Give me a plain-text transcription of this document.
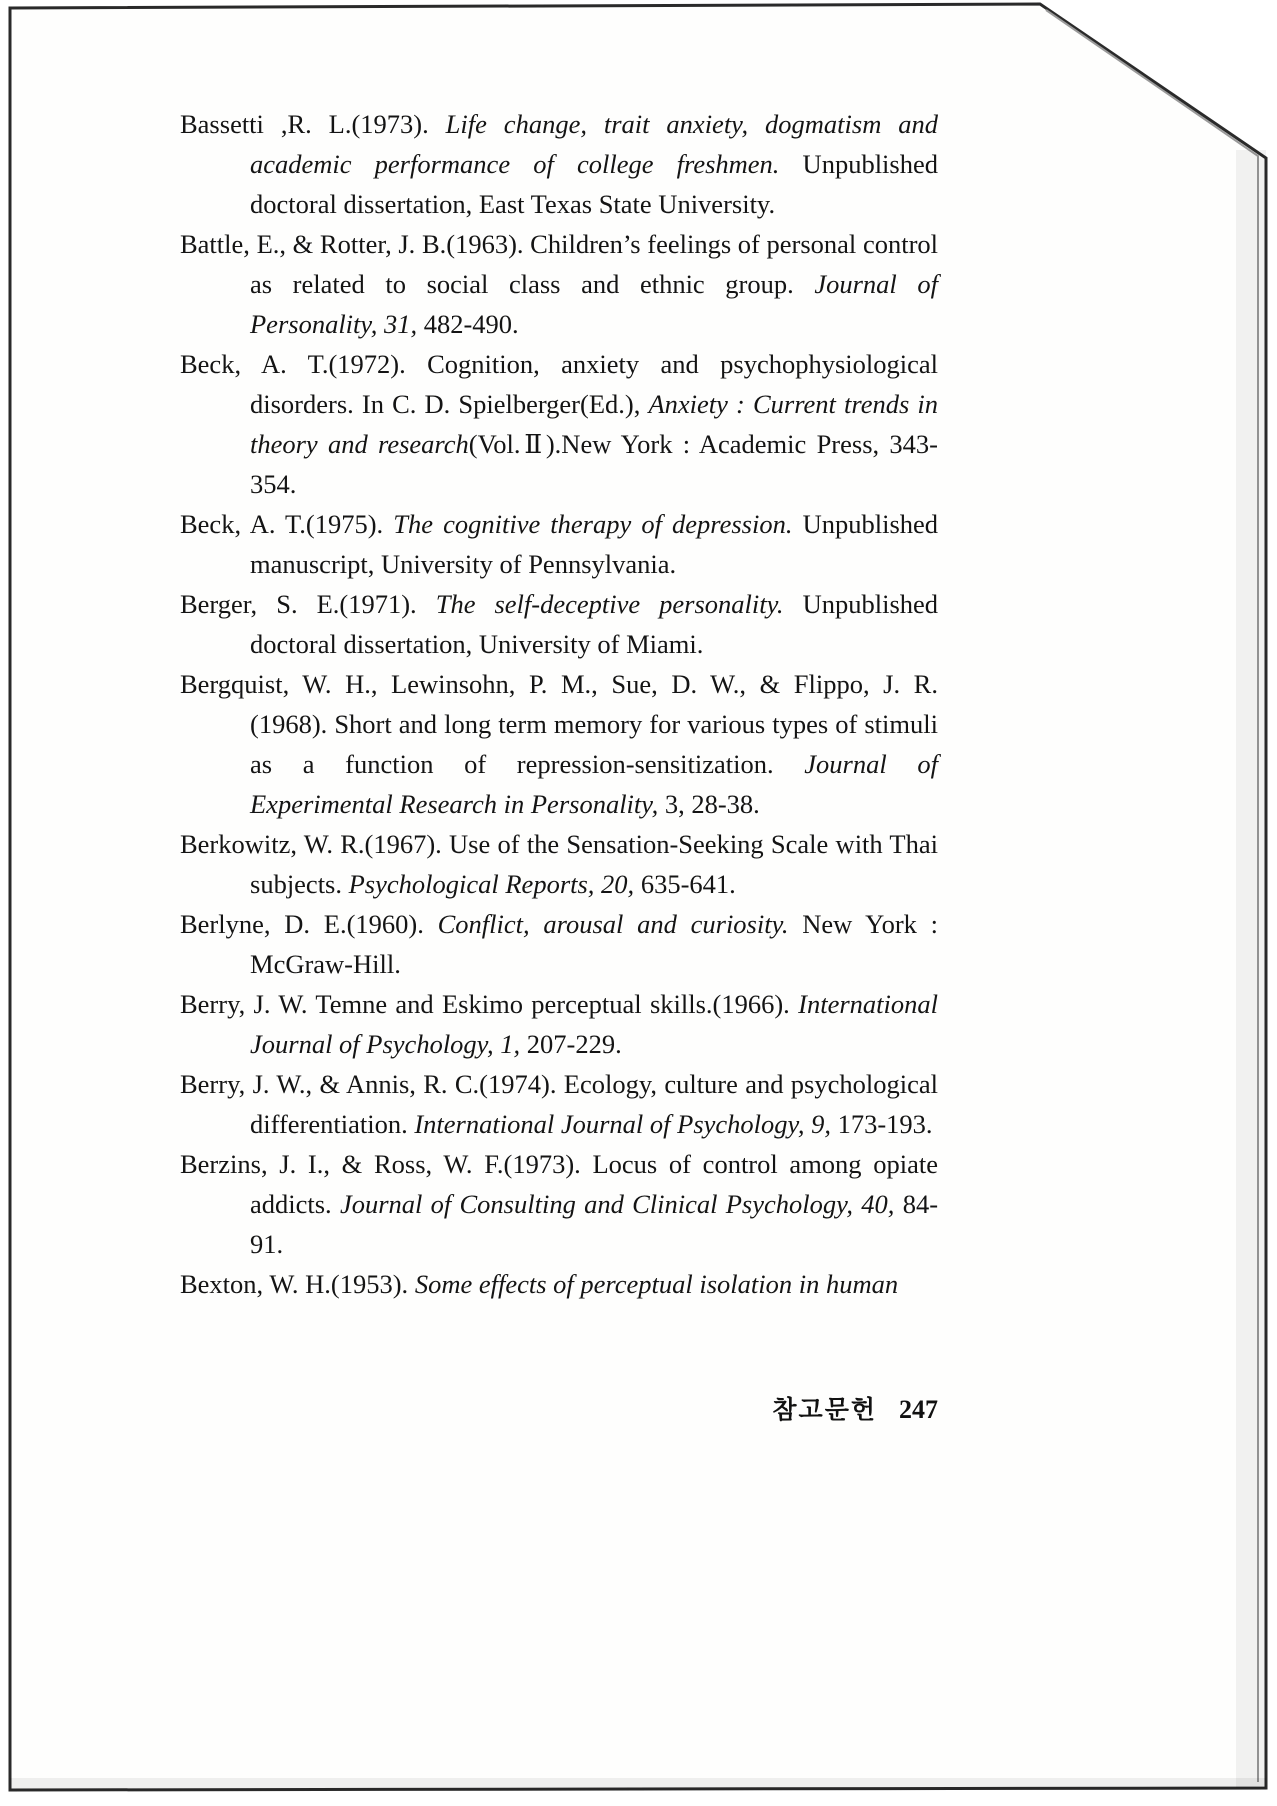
Bassetti ,R. L.(1973). Life change, trait anxiety, dogmatism and academic performance of college freshmen. Unpublished doctoral dissertation, East Texas State University.

Battle, E., & Rotter, J. B.(1963). Children’s feelings of personal control as related to social class and ethnic group. Journal of Personality, 31, 482-490.

Beck, A. T.(1972). Cognition, anxiety and psychophysiological disorders. In C. D. Spielberger(Ed.), Anxiety : Current trends in theory and research(Vol.Ⅱ).New York : Academic Press, 343-354.

Beck, A. T.(1975). The cognitive therapy of depression. Unpublished manuscript, University of Pennsylvania.

Berger, S. E.(1971). The self-deceptive personality. Unpublished doctoral dissertation, University of Miami.

Bergquist, W. H., Lewinsohn, P. M., Sue, D. W., & Flippo, J. R. (1968). Short and long term memory for various types of stimuli as a function of repression-sensitization. Journal of Experimental Research in Personality, 3, 28-38.

Berkowitz, W. R.(1967). Use of the Sensation-Seeking Scale with Thai subjects. Psychological Reports, 20, 635-641.

Berlyne, D. E.(1960). Conflict, arousal and curiosity. New York : McGraw-Hill.

Berry, J. W. Temne and Eskimo perceptual skills.(1966). International Journal of Psychology, 1, 207-229.

Berry, J. W., & Annis, R. C.(1974). Ecology, culture and psychological differentiation. International Journal of Psychology, 9, 173-193.

Berzins, J. I., & Ross, W. F.(1973). Locus of control among opiate addicts. Journal of Consulting and Clinical Psychology, 40, 84-91.

Bexton, W. H.(1953). Some effects of perceptual isolation in human

참고문헌 247
